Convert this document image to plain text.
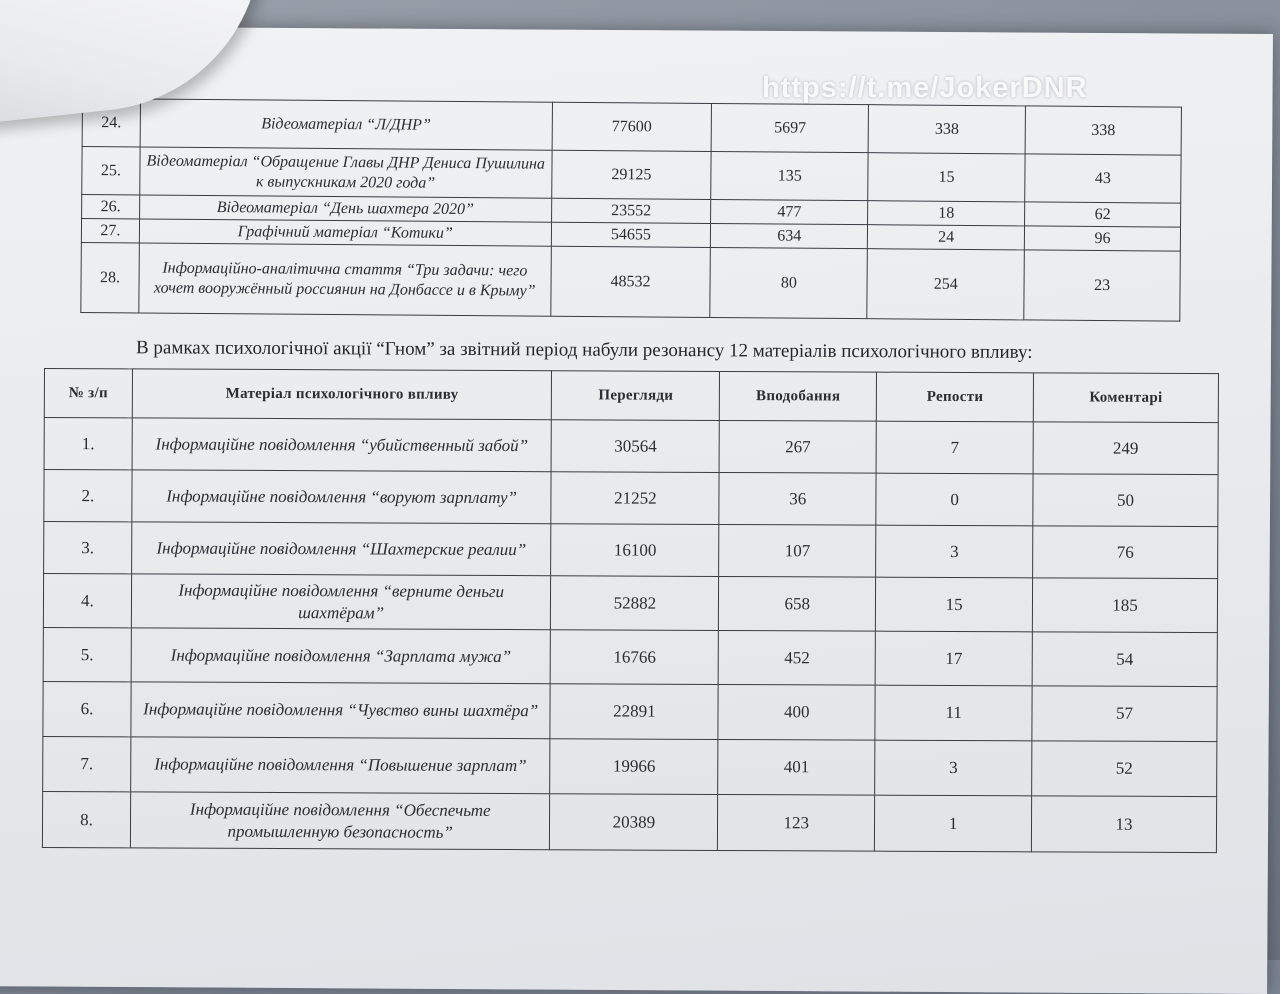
https://t.me/JokerDNR
24.	Відеоматеріал “Л/ДНР”	77600	5697	338	338
25.	Відеоматеріал “Обращение Главы ДНР Дениса Пушилина к выпускникам 2020 года”	29125	135	15	43
26.	Відеоматеріал “День шахтера 2020”	23552	477	18	62
27.	Графічний матеріал “Котики”	54655	634	24	96
28.	Інформаційно-аналітична стаття “Три задачи: чего хочет вооружённый россиянин на Донбассе и в Крыму”	48532	80	254	23
В рамках психологічної акції “Гном” за звітний період набули резонансу 12 матеріалів психологічного впливу:
№ з/п	Матеріал психологічного впливу	Перегляди	Вподобання	Репости	Коментарі
1.	Інформаційне повідомлення “убийственный забой”	30564	267	7	249
2.	Інформаційне повідомлення “воруют зарплату”	21252	36	0	50
3.	Інформаційне повідомлення “Шахтерские реалии”	16100	107	3	76
4.	Інформаційне повідомлення “верните деньги шахтёрам”	52882	658	15	185
5.	Інформаційне повідомлення “Зарплата мужа”	16766	452	17	54
6.	Інформаційне повідомлення “Чувство вины шахтёра”	22891	400	11	57
7.	Інформаційне повідомлення “Повышение зарплат”	19966	401	3	52
8.	Інформаційне повідомлення “Обеспечьте промышленную безопасность”	20389	123	1	13
